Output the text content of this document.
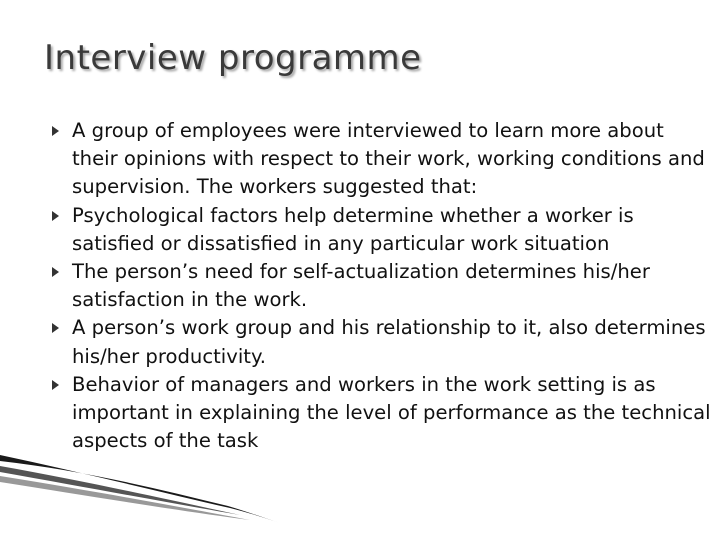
Interview programme
A group of employees were interviewed to learn more about their opinions with respect to their work, working conditions and supervision. The workers suggested that:
Psychological factors help determine whether a worker is satisfied or dissatisfied in any particular work situation
The person’s need for self-actualization determines his/her satisfaction in the work.
A person’s work group and his relationship to it, also determines his/her productivity.
Behavior of managers and workers in the work setting is as important in explaining the level of performance as the technical aspects of the task
